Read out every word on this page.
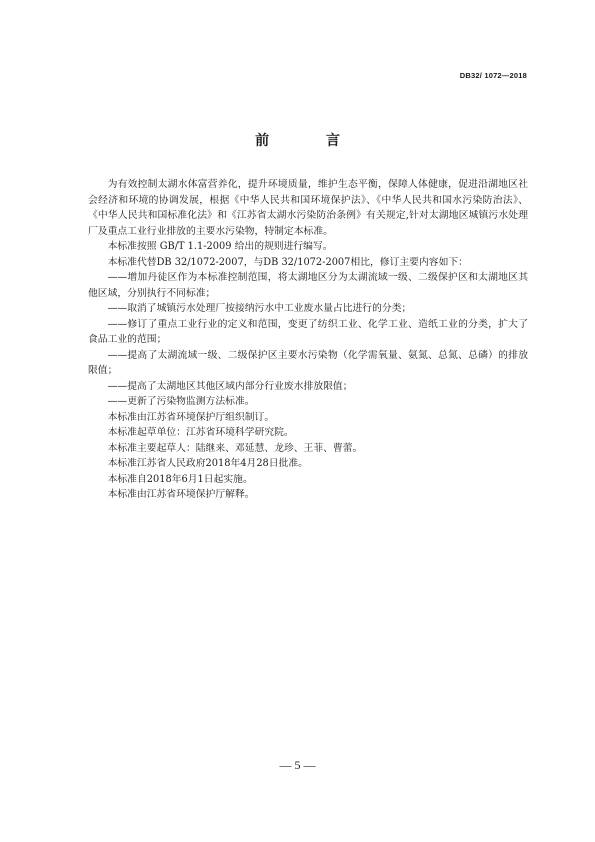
DB32/ 1072—2018
前 言

为有效控制太湖水体富营养化，提升环境质量，维护生态平衡，保障人体健康，促进沿湖地区社会经济和环境的协调发展，根据《中华人民共和国环境保护法》、《中华人民共和国水污染防治法》、《中华人民共和国标准化法》和《江苏省太湖水污染防治条例》有关规定,针对太湖地区城镇污水处理厂及重点工业行业排放的主要水污染物，特制定本标准。

本标准按照 GB/T 1.1-2009 给出的规则进行编写。

本标准代替DB 32/1072-2007，与DB 32/1072-2007相比，修订主要内容如下：

——增加丹徒区作为本标准控制范围，将太湖地区分为太湖流域一级、二级保护区和太湖地区其他区域，分别执行不同标准；

——取消了城镇污水处理厂按接纳污水中工业废水量占比进行的分类；

——修订了重点工业行业的定义和范围，变更了纺织工业、化学工业、造纸工业的分类，扩大了食品工业的范围；

——提高了太湖流域一级、二级保护区主要水污染物（化学需氧量、氨氮、总氮、总磷）的排放限值；

——提高了太湖地区其他区域内部分行业废水排放限值；

——更新了污染物监测方法标准。

本标准由江苏省环境保护厅组织制订。

本标准起草单位：江苏省环境科学研究院。

本标准主要起草人：陆继来、邓延慧、龙珍、王菲、曹蕾。

本标准江苏省人民政府2018年4月28日批准。

本标准自2018年6月1日起实施。

本标准由江苏省环境保护厅解释。

— 5 —
